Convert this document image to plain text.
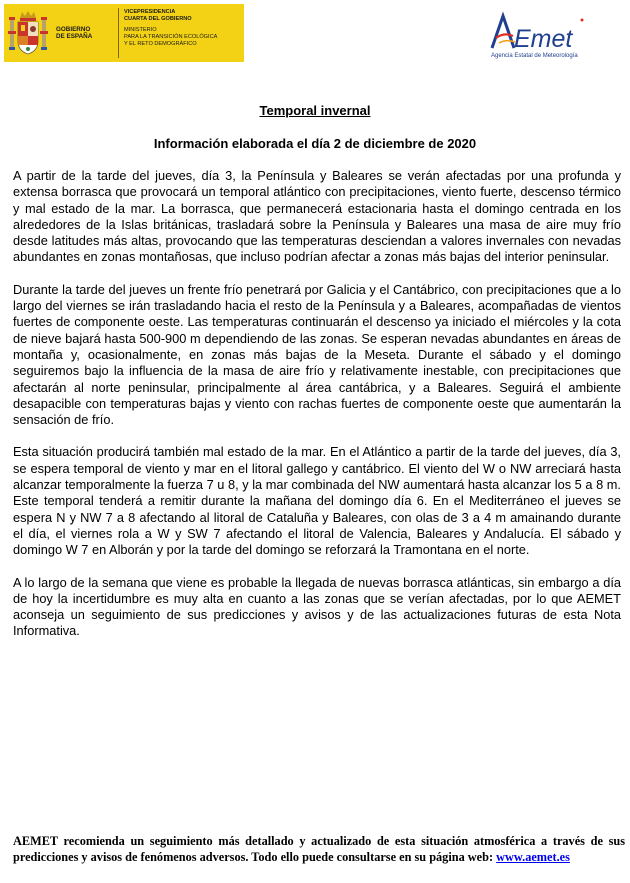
GOBIERNO
DE ESPAÑA
VICEPRESIDENCIA
CUARTA DEL GOBIERNO
MINISTERIO
PARA LA TRANSICIÓN ECOLÓGICA
Y EL RETO DEMOGRÁFICO	Emet
Agencia Estatal de Meteorología
Temporal invernal
Información elaborada el día 2 de diciembre de 2020

A partir de la tarde del jueves, día 3, la Península y Baleares se verán afectadas por una profunda y extensa borrasca que provocará un temporal atlántico con precipitaciones, viento fuerte, descenso térmico y mal estado de la mar. La borrasca, que permanecerá estacionaria hasta el domingo centrada en los alrededores de la Islas británicas, trasladará sobre la Península y Baleares una masa de aire muy frío desde latitudes más altas, provocando que las temperaturas desciendan a valores invernales con nevadas abundantes en zonas montañosas, que incluso podrían afectar a zonas más bajas del interior peninsular.

Durante la tarde del jueves un frente frío penetrará por Galicia y el Cantábrico, con precipitaciones que a lo largo del viernes se irán trasladando hacia el resto de la Península y a Baleares, acompañadas de vientos fuertes de componente oeste. Las temperaturas continuarán el descenso ya iniciado el miércoles y la cota de nieve bajará hasta 500-900 m dependiendo de las zonas. Se esperan nevadas abundantes en áreas de montaña y, ocasionalmente, en zonas más bajas de la Meseta. Durante el sábado y el domingo seguiremos bajo la influencia de la masa de aire frío y relativamente inestable, con precipitaciones que afectarán al norte peninsular, principalmente al área cantábrica, y a Baleares. Seguirá el ambiente desapacible con temperaturas bajas y viento con rachas fuertes de componente oeste que aumentarán la sensación de frío.

Esta situación producirá también mal estado de la mar. En el Atlántico a partir de la tarde del jueves, día 3, se espera temporal de viento y mar en el litoral gallego y cantábrico. El viento del W o NW arreciará hasta alcanzar temporalmente la fuerza 7 u 8, y la mar combinada del NW aumentará hasta alcanzar los 5 a 8 m. Este temporal tenderá a remitir durante la mañana del domingo día 6. En el Mediterráneo el jueves se espera N y NW 7 a 8 afectando al litoral de Cataluña y Baleares, con olas de 3 a 4 m amainando durante el día, el viernes rola a W y SW 7 afectando el litoral de Valencia, Baleares y Andalucía. El sábado y domingo W 7 en Alborán y por la tarde del domingo se reforzará la Tramontana en el norte.

A lo largo de la semana que viene es probable la llegada de nuevas borrasca atlánticas, sin embargo a día de hoy la incertidumbre es muy alta en cuanto a las zonas que se verían afectadas, por lo que AEMET aconseja un seguimiento de sus predicciones y avisos y de las actualizaciones futuras de esta Nota Informativa.

AEMET recomienda un seguimiento más detallado y actualizado de esta situación atmosférica a través de sus predicciones y avisos de fenómenos adversos. Todo ello puede consultarse en su página web: www.aemet.es
